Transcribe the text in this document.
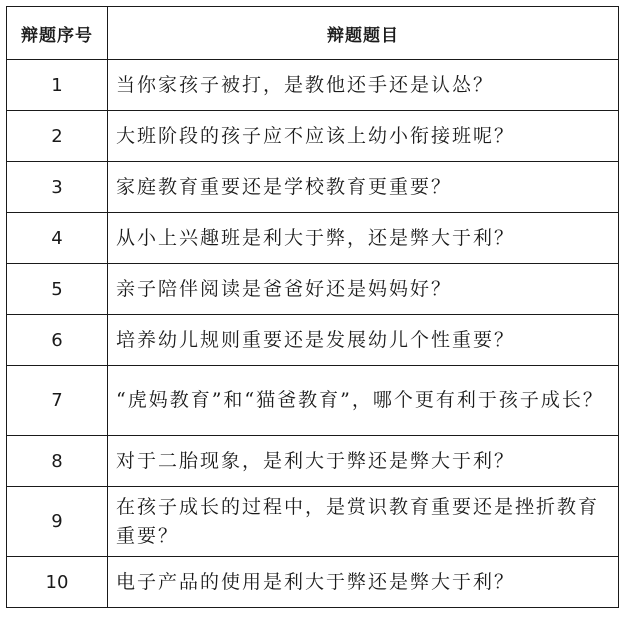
辩题序号	辩题题目
1	当你家孩子被打，是教他还手还是认怂？
2	大班阶段的孩子应不应该上幼小衔接班呢？
3	家庭教育重要还是学校教育更重要？
4	从小上兴趣班是利大于弊，还是弊大于利？
5	亲子陪伴阅读是爸爸好还是妈妈好？
6	培养幼儿规则重要还是发展幼儿个性重要？
7	“虎妈教育”和“猫爸教育”，哪个更有利于孩子成长？
8	对于二胎现象，是利大于弊还是弊大于利？
9	在孩子成长的过程中，是赏识教育重要还是挫折教育重要？
10	电子产品的使用是利大于弊还是弊大于利？
